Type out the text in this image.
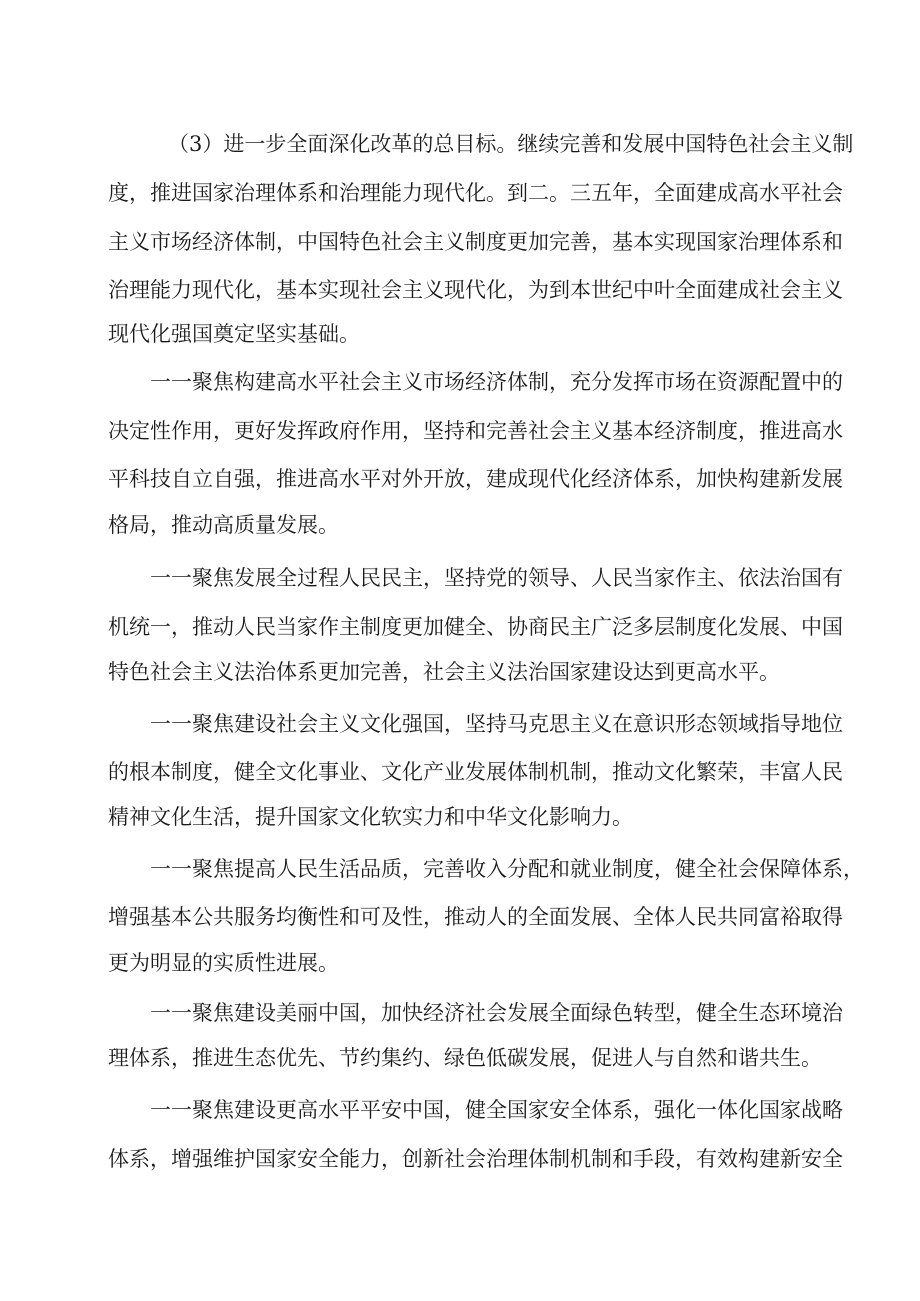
（3）进一步全面深化改革的总目标。继续完善和发展中国特色社会主义制
度，推进国家治理体系和治理能力现代化。到二。三五年，全面建成高水平社会
主义市场经济体制，中国特色社会主义制度更加完善，基本实现国家治理体系和
治理能力现代化，基本实现社会主义现代化，为到本世纪中叶全面建成社会主义
现代化强国奠定坚实基础。
一一聚焦构建高水平社会主义市场经济体制，充分发挥市场在资源配置中的
决定性作用，更好发挥政府作用，坚持和完善社会主义基本经济制度，推进高水
平科技自立自强，推进高水平对外开放，建成现代化经济体系，加快构建新发展
格局，推动高质量发展。
一一聚焦发展全过程人民民主，坚持党的领导、人民当家作主、依法治国有
机统一，推动人民当家作主制度更加健全、协商民主广泛多层制度化发展、中国
特色社会主义法治体系更加完善，社会主义法治国家建设达到更高水平。
一一聚焦建设社会主义文化强国，坚持马克思主义在意识形态领域指导地位
的根本制度，健全文化事业、文化产业发展体制机制，推动文化繁荣，丰富人民
精神文化生活，提升国家文化软实力和中华文化影响力。
一一聚焦提高人民生活品质，完善收入分配和就业制度，健全社会保障体系，
增强基本公共服务均衡性和可及性，推动人的全面发展、全体人民共同富裕取得
更为明显的实质性进展。
一一聚焦建设美丽中国，加快经济社会发展全面绿色转型，健全生态环境治
理体系，推进生态优先、节约集约、绿色低碳发展，促进人与自然和谐共生。
一一聚焦建设更高水平平安中国，健全国家安全体系，强化一体化国家战略
体系，增强维护国家安全能力，创新社会治理体制机制和手段，有效构建新安全
